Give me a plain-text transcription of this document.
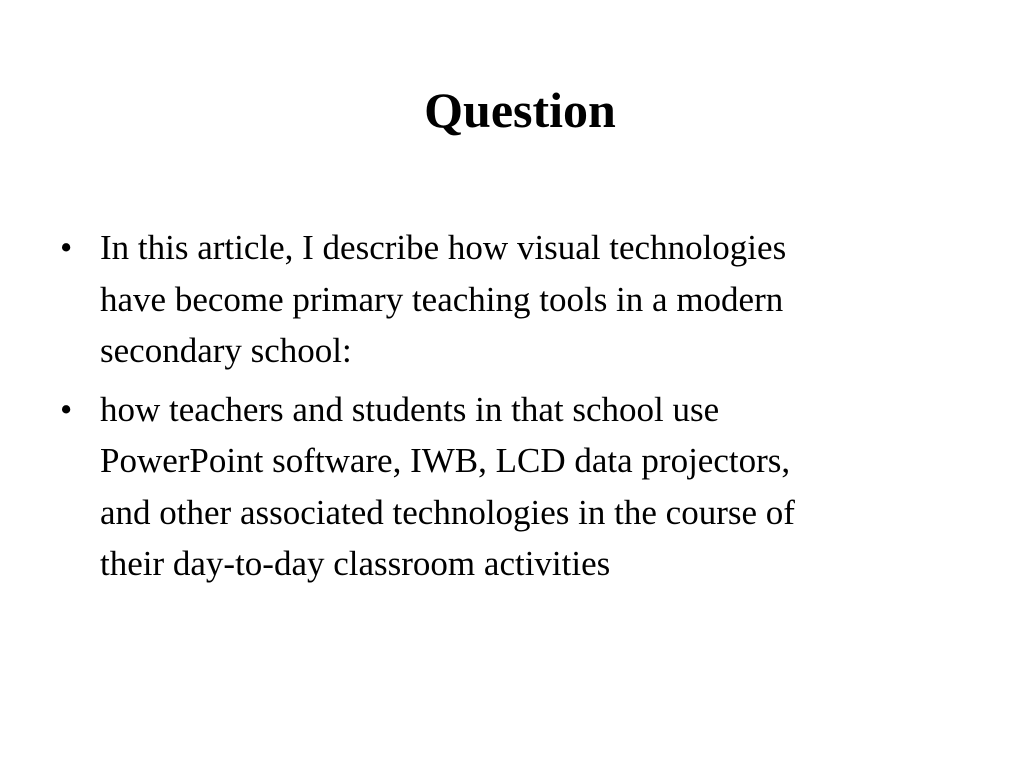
Question
• In this article, I describe how visual technologies
have become primary teaching tools in a modern
secondary school:
• how teachers and students in that school use
PowerPoint software, IWB, LCD data projectors,
and other associated technologies in the course of
their day-to-day classroom activities
